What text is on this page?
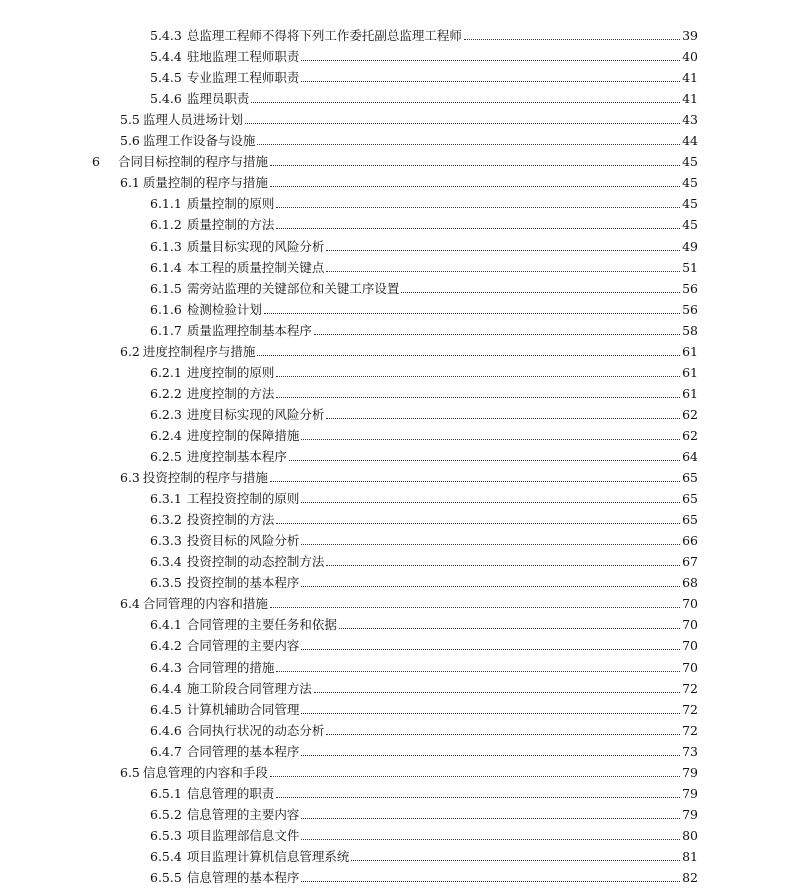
5.4.3 总监理工程师不得将下列工作委托副总监理工程师	39
5.4.4 驻地监理工程师职责	40
5.4.5 专业监理工程师职责	41
5.4.6 监理员职责	41
5.5 监理人员进场计划	43
5.6 监理工作设备与设施	44
6 合同目标控制的程序与措施	45
6.1 质量控制的程序与措施	45
6.1.1 质量控制的原则	45
6.1.2 质量控制的方法	45
6.1.3 质量目标实现的风险分析	49
6.1.4 本工程的质量控制关键点	51
6.1.5 需旁站监理的关键部位和关键工序设置	56
6.1.6 检测检验计划	56
6.1.7 质量监理控制基本程序	58
6.2 进度控制程序与措施	61
6.2.1 进度控制的原则	61
6.2.2 进度控制的方法	61
6.2.3 进度目标实现的风险分析	62
6.2.4 进度控制的保障措施	62
6.2.5 进度控制基本程序	64
6.3 投资控制的程序与措施	65
6.3.1 工程投资控制的原则	65
6.3.2 投资控制的方法	65
6.3.3 投资目标的风险分析	66
6.3.4 投资控制的动态控制方法	67
6.3.5 投资控制的基本程序	68
6.4 合同管理的内容和措施	70
6.4.1 合同管理的主要任务和依据	70
6.4.2 合同管理的主要内容	70
6.4.3 合同管理的措施	70
6.4.4 施工阶段合同管理方法	72
6.4.5 计算机辅助合同管理	72
6.4.6 合同执行状况的动态分析	72
6.4.7 合同管理的基本程序	73
6.5 信息管理的内容和手段	79
6.5.1 信息管理的职责	79
6.5.2 信息管理的主要内容	79
6.5.3 项目监理部信息文件	80
6.5.4 项目监理计算机信息管理系统	81
6.5.5 信息管理的基本程序	82
